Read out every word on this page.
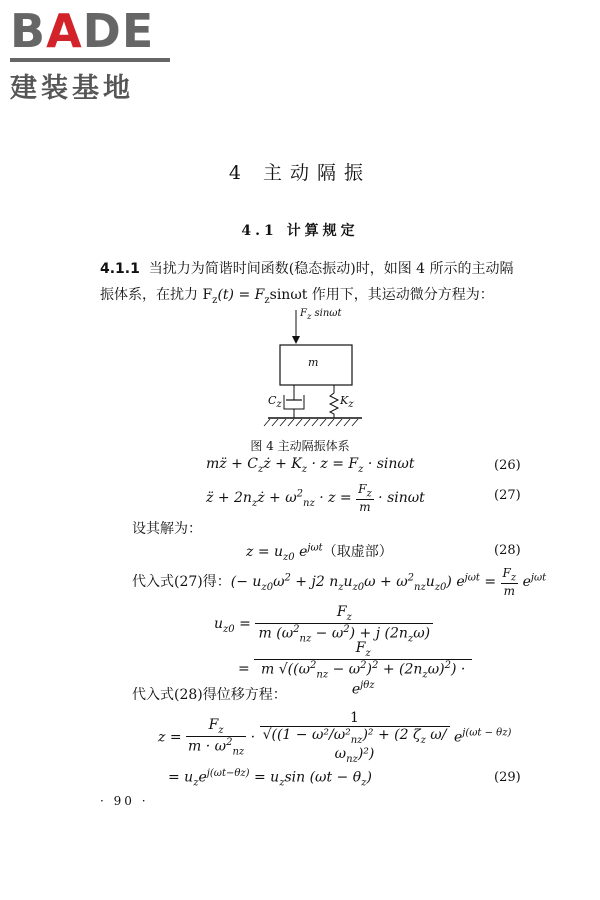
BADE
建装基地
4 主动隔振
4.1 计算规定
4.1.1 当扰力为简谐时间函数(稳态振动)时，如图 4 所示的主动隔振体系，在扰力 $F_z(t) = F_z\sin\omega t$ 作用下，其运动微分方程为：
$F_z$ sinωt
m
$C_z$	$K_z$
图 4 主动隔振体系
mz̈ + $C_zż + K_z \cdot z = F_z \cdot \sin\omega t$	(26)
z̈ + $2n_zż + \omega^2_{nz} \cdot z = \frac{F_z}{m} \cdot \sin\omega t$	(27)
设其解为：
$z = u_{z0}$ $e^{j\omega t}$（取虚部）	(28)
代入式(27)得：(− $u_{z0}\omega^2 + j2$ $n_zu_{z0}\omega + \omega^2_{nz}u_{z0}$) $e^{j\omega t} = \frac{F_z}{m} e^{j\omega t}$
$u_{z0}$ =
$F_z$
m $(\omega^2_{nz} - \omega^2) + j$ $(2n_z\omega)$
=
$F_z$
m $√((\omega^2_{nz} - \omega^2)^2 + (2n_z\omega)^2) \cdot e^{j\theta z}$
代入式(28)得位移方程：
$z = \frac{F_z}{m \cdot \omega^2_{nz}}$ ·
1
$√((1 - \omega^2/\omega^2_{nz})^2 + (2$ $\zeta_z$ $\omega/\omega_{nz})^2$)
$e^{j(\omega t - \theta z)}$
= $u_ze^{j(\omega t-\theta z)} = u_z\sin$ $(\omega t - \theta_z)$	(29)
· 90 ·
